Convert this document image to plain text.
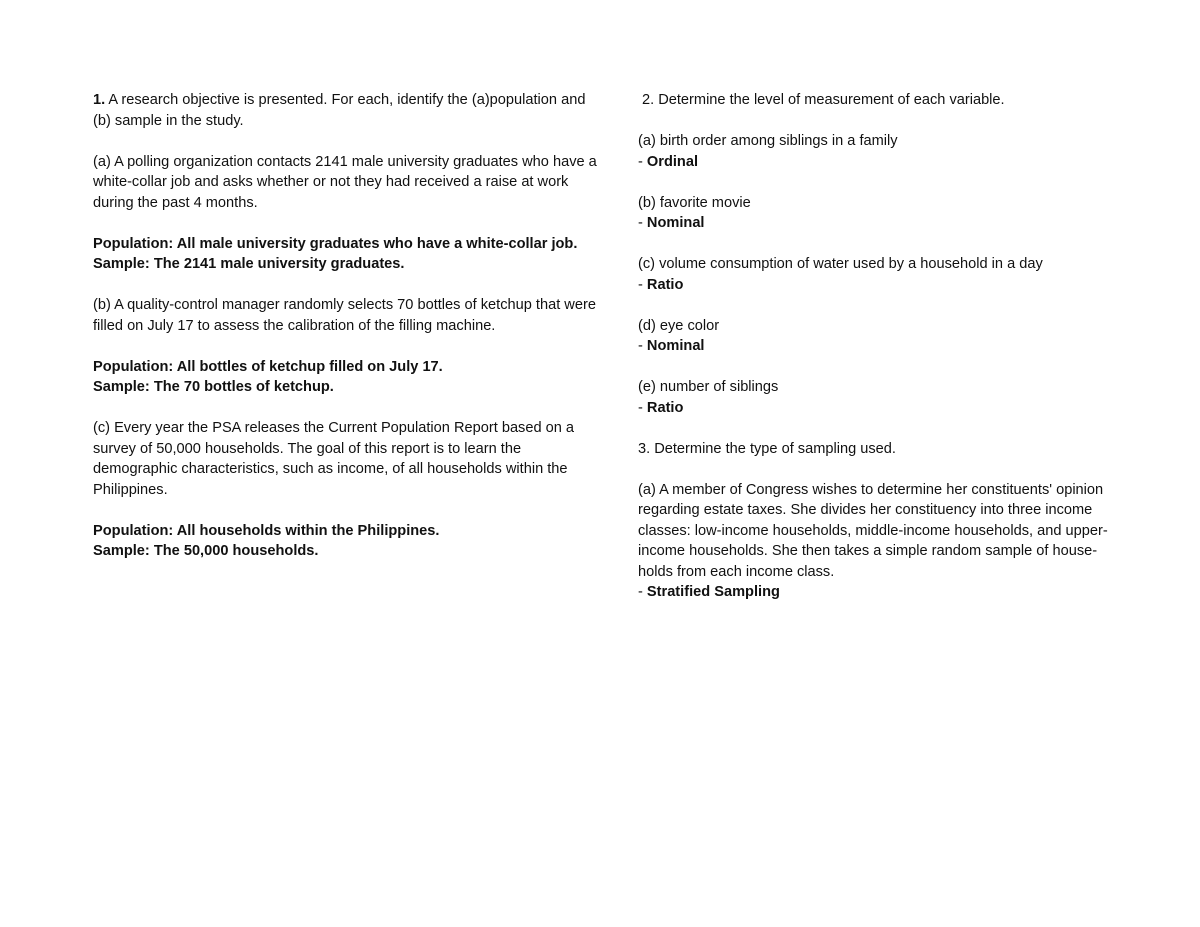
1. A research objective is presented. For each, identify the (a)population and (b) sample in the study.

(a) A polling organization contacts 2141 male university graduates who have a white-collar job and asks whether or not they had received a raise at work during the past 4 months.

Population: All male university graduates who have a white-collar job.

Sample: The 2141 male university graduates.

(b) A quality-control manager randomly selects 70 bottles of ketchup that were filled on July 17 to assess the calibration of the filling machine.

Population: All bottles of ketchup filled on July 17.

Sample: The 70 bottles of ketchup.

(c) Every year the PSA releases the Current Population Report based on a survey of 50,000 households. The goal of this report is to learn the demographic characteristics, such as income, of all households within the Philippines.

Population: All households within the Philippines.

Sample: The 50,000 households.

2. Determine the level of measurement of each variable.

(a) birth order among siblings in a family
- Ordinal

(b) favorite movie
- Nominal

(c) volume consumption of water used by a household in a day
- Ratio

(d) eye color
- Nominal

(e) number of siblings
- Ratio

3. Determine the type of sampling used.

(a) A member of Congress wishes to determine her constituents' opinion regarding estate taxes. She divides her constituency into three income classes: low-income households, middle-income households, and upper-income households. She then takes a simple random sample of house- holds from each income class.
- Stratified Sampling
